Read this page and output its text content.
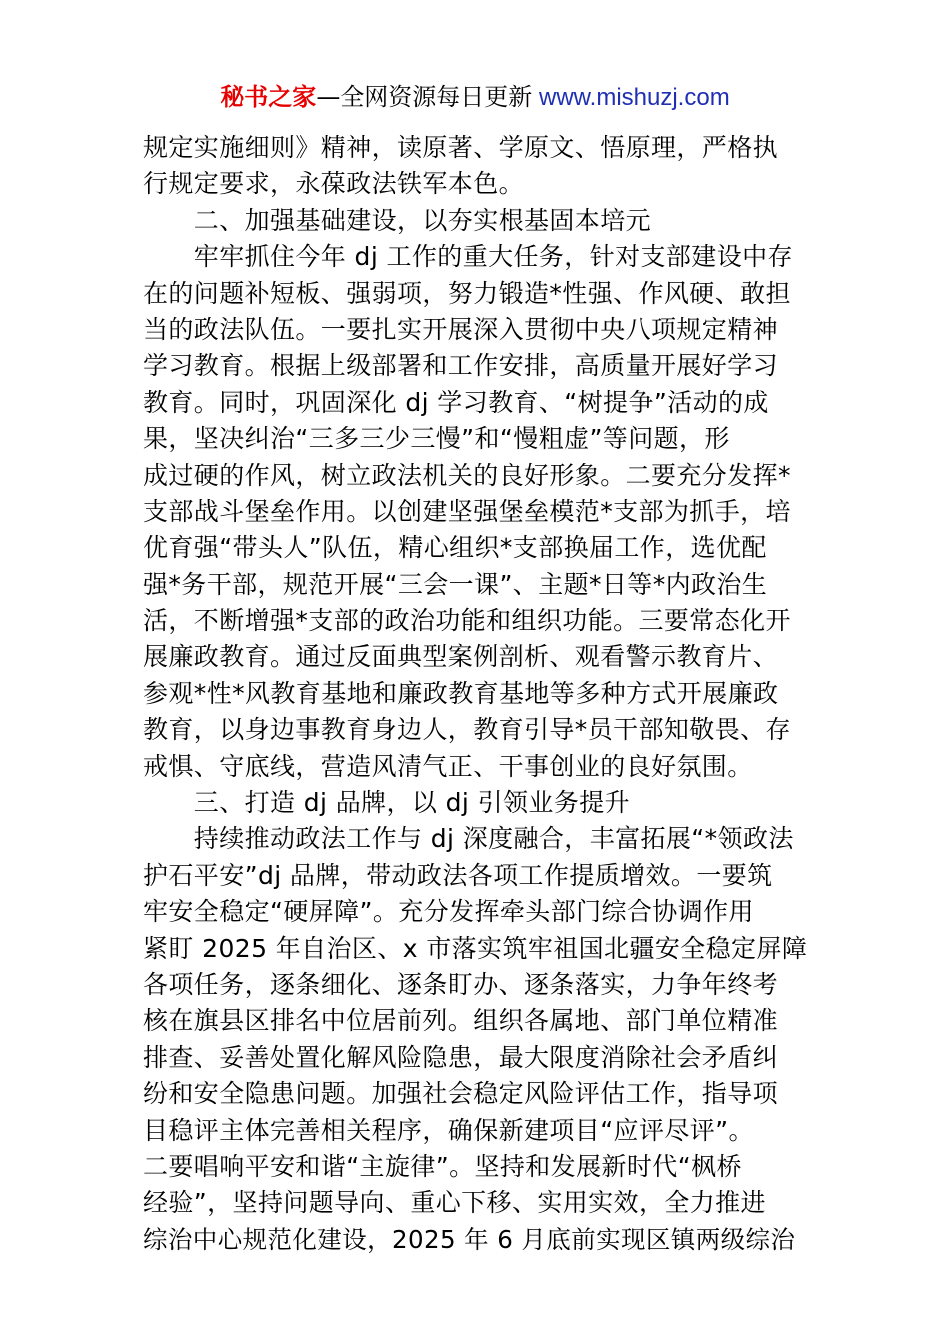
秘书之家—全网资源每日更新 www.mishuzj.com
规定实施细则》精神，读原著、学原文、悟原理，严格执
行规定要求，永葆政法铁军本色。
　　二、加强基础建设，以夯实根基固本培元
　　牢牢抓住今年 dj 工作的重大任务，针对支部建设中存
在的问题补短板、强弱项，努力锻造*性强、作风硬、敢担
当的政法队伍。一要扎实开展深入贯彻中央八项规定精神
学习教育。根据上级部署和工作安排，高质量开展好学习
教育。同时，巩固深化 dj 学习教育、“树提争”活动的成
果，坚决纠治“三多三少三慢”和“慢粗虚”等问题，形
成过硬的作风，树立政法机关的良好形象。二要充分发挥*
支部战斗堡垒作用。以创建坚强堡垒模范*支部为抓手，培
优育强“带头人”队伍，精心组织*支部换届工作，选优配
强*务干部，规范开展“三会一课”、主题*日等*内政治生
活，不断增强*支部的政治功能和组织功能。三要常态化开
展廉政教育。通过反面典型案例剖析、观看警示教育片、
参观*性*风教育基地和廉政教育基地等多种方式开展廉政
教育，以身边事教育身边人，教育引导*员干部知敬畏、存
戒惧、守底线，营造风清气正、干事创业的良好氛围。
　　三、打造 dj 品牌，以 dj 引领业务提升
　　持续推动政法工作与 dj 深度融合，丰富拓展“*领政法
护石平安”dj 品牌，带动政法各项工作提质增效。一要筑
牢安全稳定“硬屏障”。充分发挥牵头部门综合协调作用
紧盯 2025 年自治区、x 市落实筑牢祖国北疆安全稳定屏障
各项任务，逐条细化、逐条盯办、逐条落实，力争年终考
核在旗县区排名中位居前列。组织各属地、部门单位精准
排查、妥善处置化解风险隐患，最大限度消除社会矛盾纠
纷和安全隐患问题。加强社会稳定风险评估工作，指导项
目稳评主体完善相关程序，确保新建项目“应评尽评”。
二要唱响平安和谐“主旋律”。坚持和发展新时代“枫桥
经验”，坚持问题导向、重心下移、实用实效，全力推进
综治中心规范化建设，2025 年 6 月底前实现区镇两级综治
